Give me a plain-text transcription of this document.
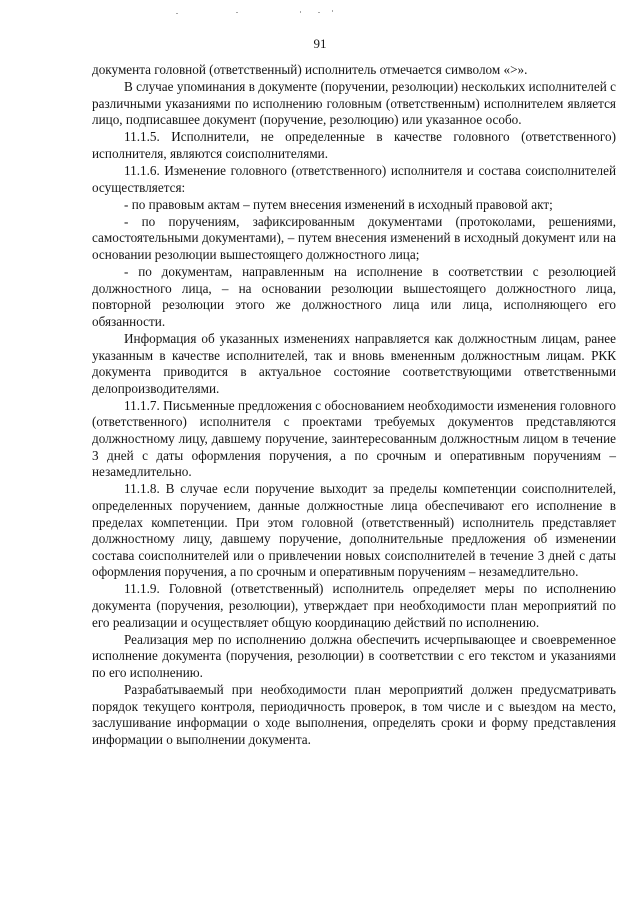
91

документа головной (ответственный) исполнитель отмечается символом «>».

В случае упоминания в документе (поручении, резолюции) нескольких исполнителей с различными указаниями по исполнению головным (ответственным) исполнителем является лицо, подписавшее документ (поручение, резолюцию) или указанное особо.

11.1.5. Исполнители, не определенные в качестве головного (ответственного) исполнителя, являются соисполнителями.

11.1.6. Изменение головного (ответственного) исполнителя и состава соисполнителей осуществляется:

- по правовым актам – путем внесения изменений в исходный правовой акт;

- по поручениям, зафиксированным документами (протоколами, решениями, самостоятельными документами), – путем внесения изменений в исходный документ или на основании резолюции вышестоящего должностного лица;

- по документам, направленным на исполнение в соответствии с резолюцией должностного лица, – на основании резолюции вышестоящего должностного лица, повторной резолюции этого же должностного лица или лица, исполняющего его обязанности.

Информация об указанных изменениях направляется как должностным лицам, ранее указанным в качестве исполнителей, так и вновь вмененным должностным лицам. РКК документа приводится в актуальное состояние соответствующими ответственными делопроизводителями.

11.1.7. Письменные предложения с обоснованием необходимости изменения головного (ответственного) исполнителя с проектами требуемых документов представляются должностному лицу, давшему поручение, заинтересованным должностным лицом в течение 3 дней с даты оформления поручения, а по срочным и оперативным поручениям – незамедлительно.

11.1.8. В случае если поручение выходит за пределы компетенции соисполнителей, определенных поручением, данные должностные лица обеспечивают его исполнение в пределах компетенции. При этом головной (ответственный) исполнитель представляет должностному лицу, давшему поручение, дополнительные предложения об изменении состава соисполнителей или о привлечении новых соисполнителей в течение 3 дней с даты оформления поручения, а по срочным и оперативным поручениям – незамедлительно.

11.1.9. Головной (ответственный) исполнитель определяет меры по исполнению документа (поручения, резолюции), утверждает при необходимости план мероприятий по его реализации и осуществляет общую координацию действий по исполнению.

Реализация мер по исполнению должна обеспечить исчерпывающее и своевременное исполнение документа (поручения, резолюции) в соответствии с его текстом и указаниями по его исполнению.

Разрабатываемый при необходимости план мероприятий должен предусматривать порядок текущего контроля, периодичность проверок, в том числе и с выездом на место, заслушивание информации о ходе выполнения, определять сроки и форму представления информации о выполнении документа.
